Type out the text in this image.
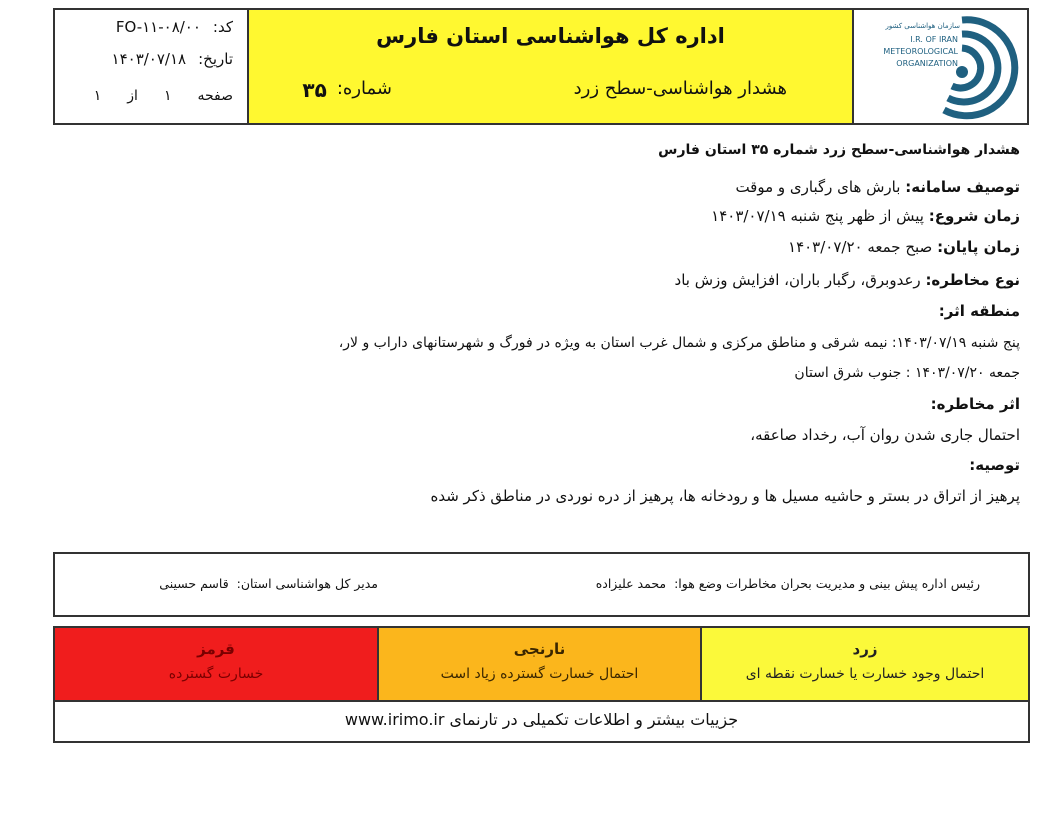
سازمان هواشناسی کشور
I.R. OF IRAN
METEOROLOGICAL
ORGANIZATION
اداره کل هواشناسی استان فارس
هشدار هواشناسی-سطح زرد
شماره:
۳۵
کد:
FO-۱۱-۰۸/۰۰
تاریخ:
۱۴۰۳/۰۷/۱۸
صفحه
۱
از
۱
هشدار هواشناسی-سطح زرد شماره ۳۵ استان فارس
توصیف سامانه: بارش های رگباری و موقت
زمان شروع: پیش از ظهر پنج شنبه ۱۴۰۳/۰۷/۱۹
زمان پایان: صبح جمعه ۱۴۰۳/۰۷/۲۰
نوع مخاطره: رعدوبرق، رگبار باران، افزایش وزش باد
منطقه اثر:
پنج شنبه ۱۴۰۳/۰۷/۱۹: نیمه شرقی و مناطق مرکزی و شمال غرب استان به ویژه در فورگ و شهرستانهای داراب و لار،
جمعه ۱۴۰۳/۰۷/۲۰ : جنوب شرق استان
اثر مخاطره:
احتمال جاری شدن روان آب، رخداد صاعقه،
توصیه:
پرهیز از اتراق در بستر و حاشیه مسیل ها و رودخانه ها، پرهیز از دره نوردی در مناطق ذکر شده
رئیس اداره پیش بینی و مدیریت بحران مخاطرات وضع هوا:  محمد علیزاده
مدیر کل هواشناسی استان:  قاسم حسینی
زرد
احتمال وجود خسارت یا خسارت نقطه ای
نارنجی
احتمال خسارت گسترده زیاد است
قرمز
خسارت گسترده
جزییات بیشتر و اطلاعات تکمیلی در تارنمای www.irimo.ir
